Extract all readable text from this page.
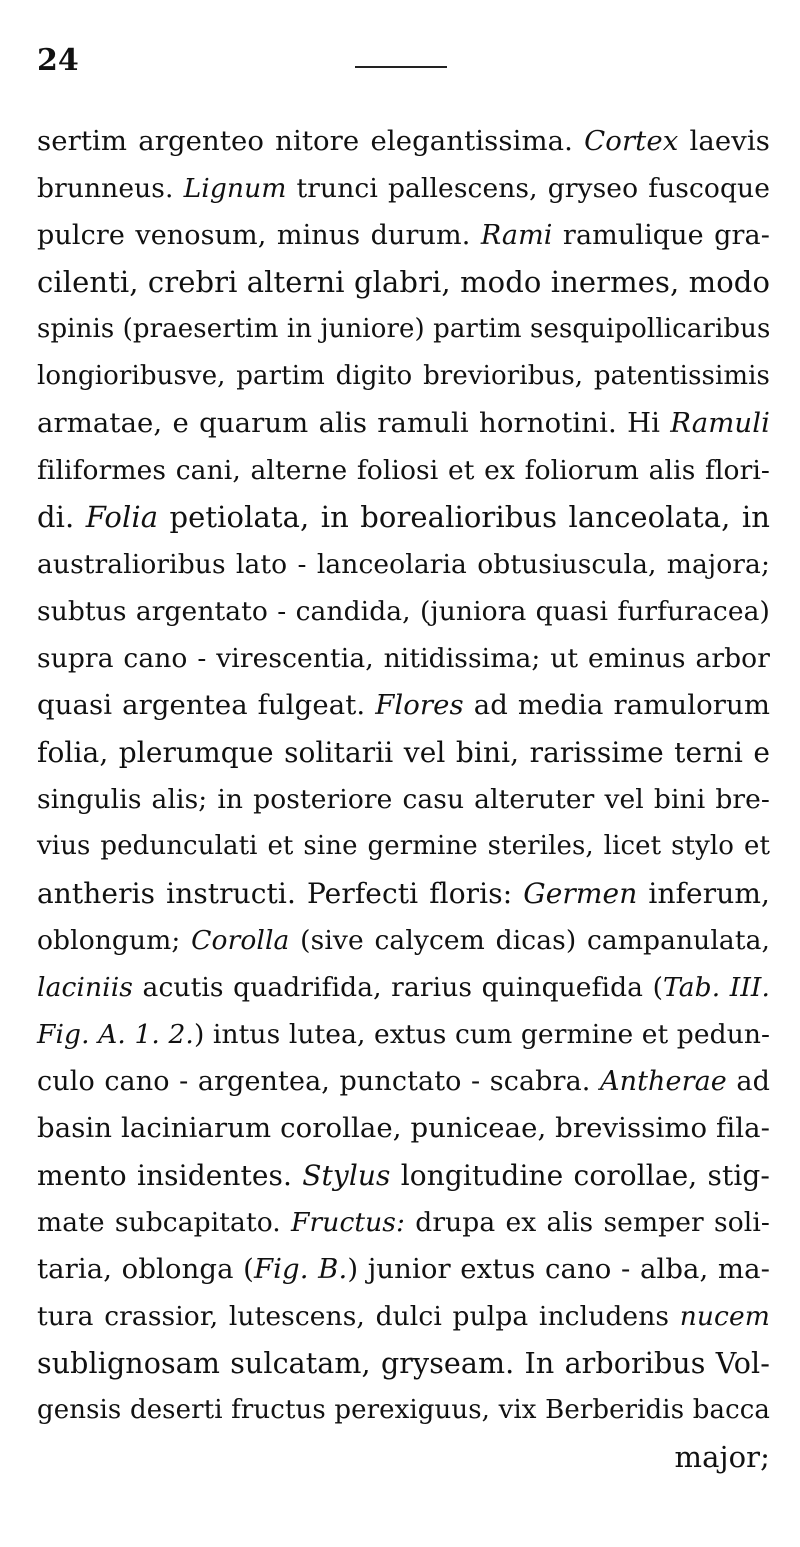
24
sertim argenteo nitore elegantissima. Cortex laevis
brunneus. Lignum trunci pallescens, gryseo fuscoque
pulcre venosum, minus durum. Rami ramulique gra-
cilenti, crebri alterni glabri, modo inermes, modo
spinis (praesertim in juniore) partim sesquipollicaribus
longioribusve, partim digito brevioribus, patentissimis
armatae, e quarum alis ramuli hornotini. Hi Ramuli
filiformes cani, alterne foliosi et ex foliorum alis flori-
di. Folia petiolata, in borealioribus lanceolata, in
australioribus lato - lanceolaria obtusiuscula, majora;
subtus argentato - candida, (juniora quasi furfuracea)
supra cano - virescentia, nitidissima; ut eminus arbor
quasi argentea fulgeat. Flores ad media ramulorum
folia, plerumque solitarii vel bini, rarissime terni e
singulis alis; in posteriore casu alteruter vel bini bre-
vius pedunculati et sine germine steriles, licet stylo et
antheris instructi. Perfecti floris: Germen inferum,
oblongum; Corolla (sive calycem dicas) campanulata,
laciniis acutis quadrifida, rarius quinquefida (Tab. III.
Fig. A. 1. 2.) intus lutea, extus cum germine et pedun-
culo cano - argentea, punctato - scabra. Antherae ad
basin laciniarum corollae, puniceae, brevissimo fila-
mento insidentes. Stylus longitudine corollae, stig-
mate subcapitato. Fructus: drupa ex alis semper soli-
taria, oblonga (Fig. B.) junior extus cano - alba, ma-
tura crassior, lutescens, dulci pulpa includens nucem
sublignosam sulcatam, gryseam. In arboribus Vol-
gensis deserti fructus perexiguus, vix Berberidis bacca
major;
